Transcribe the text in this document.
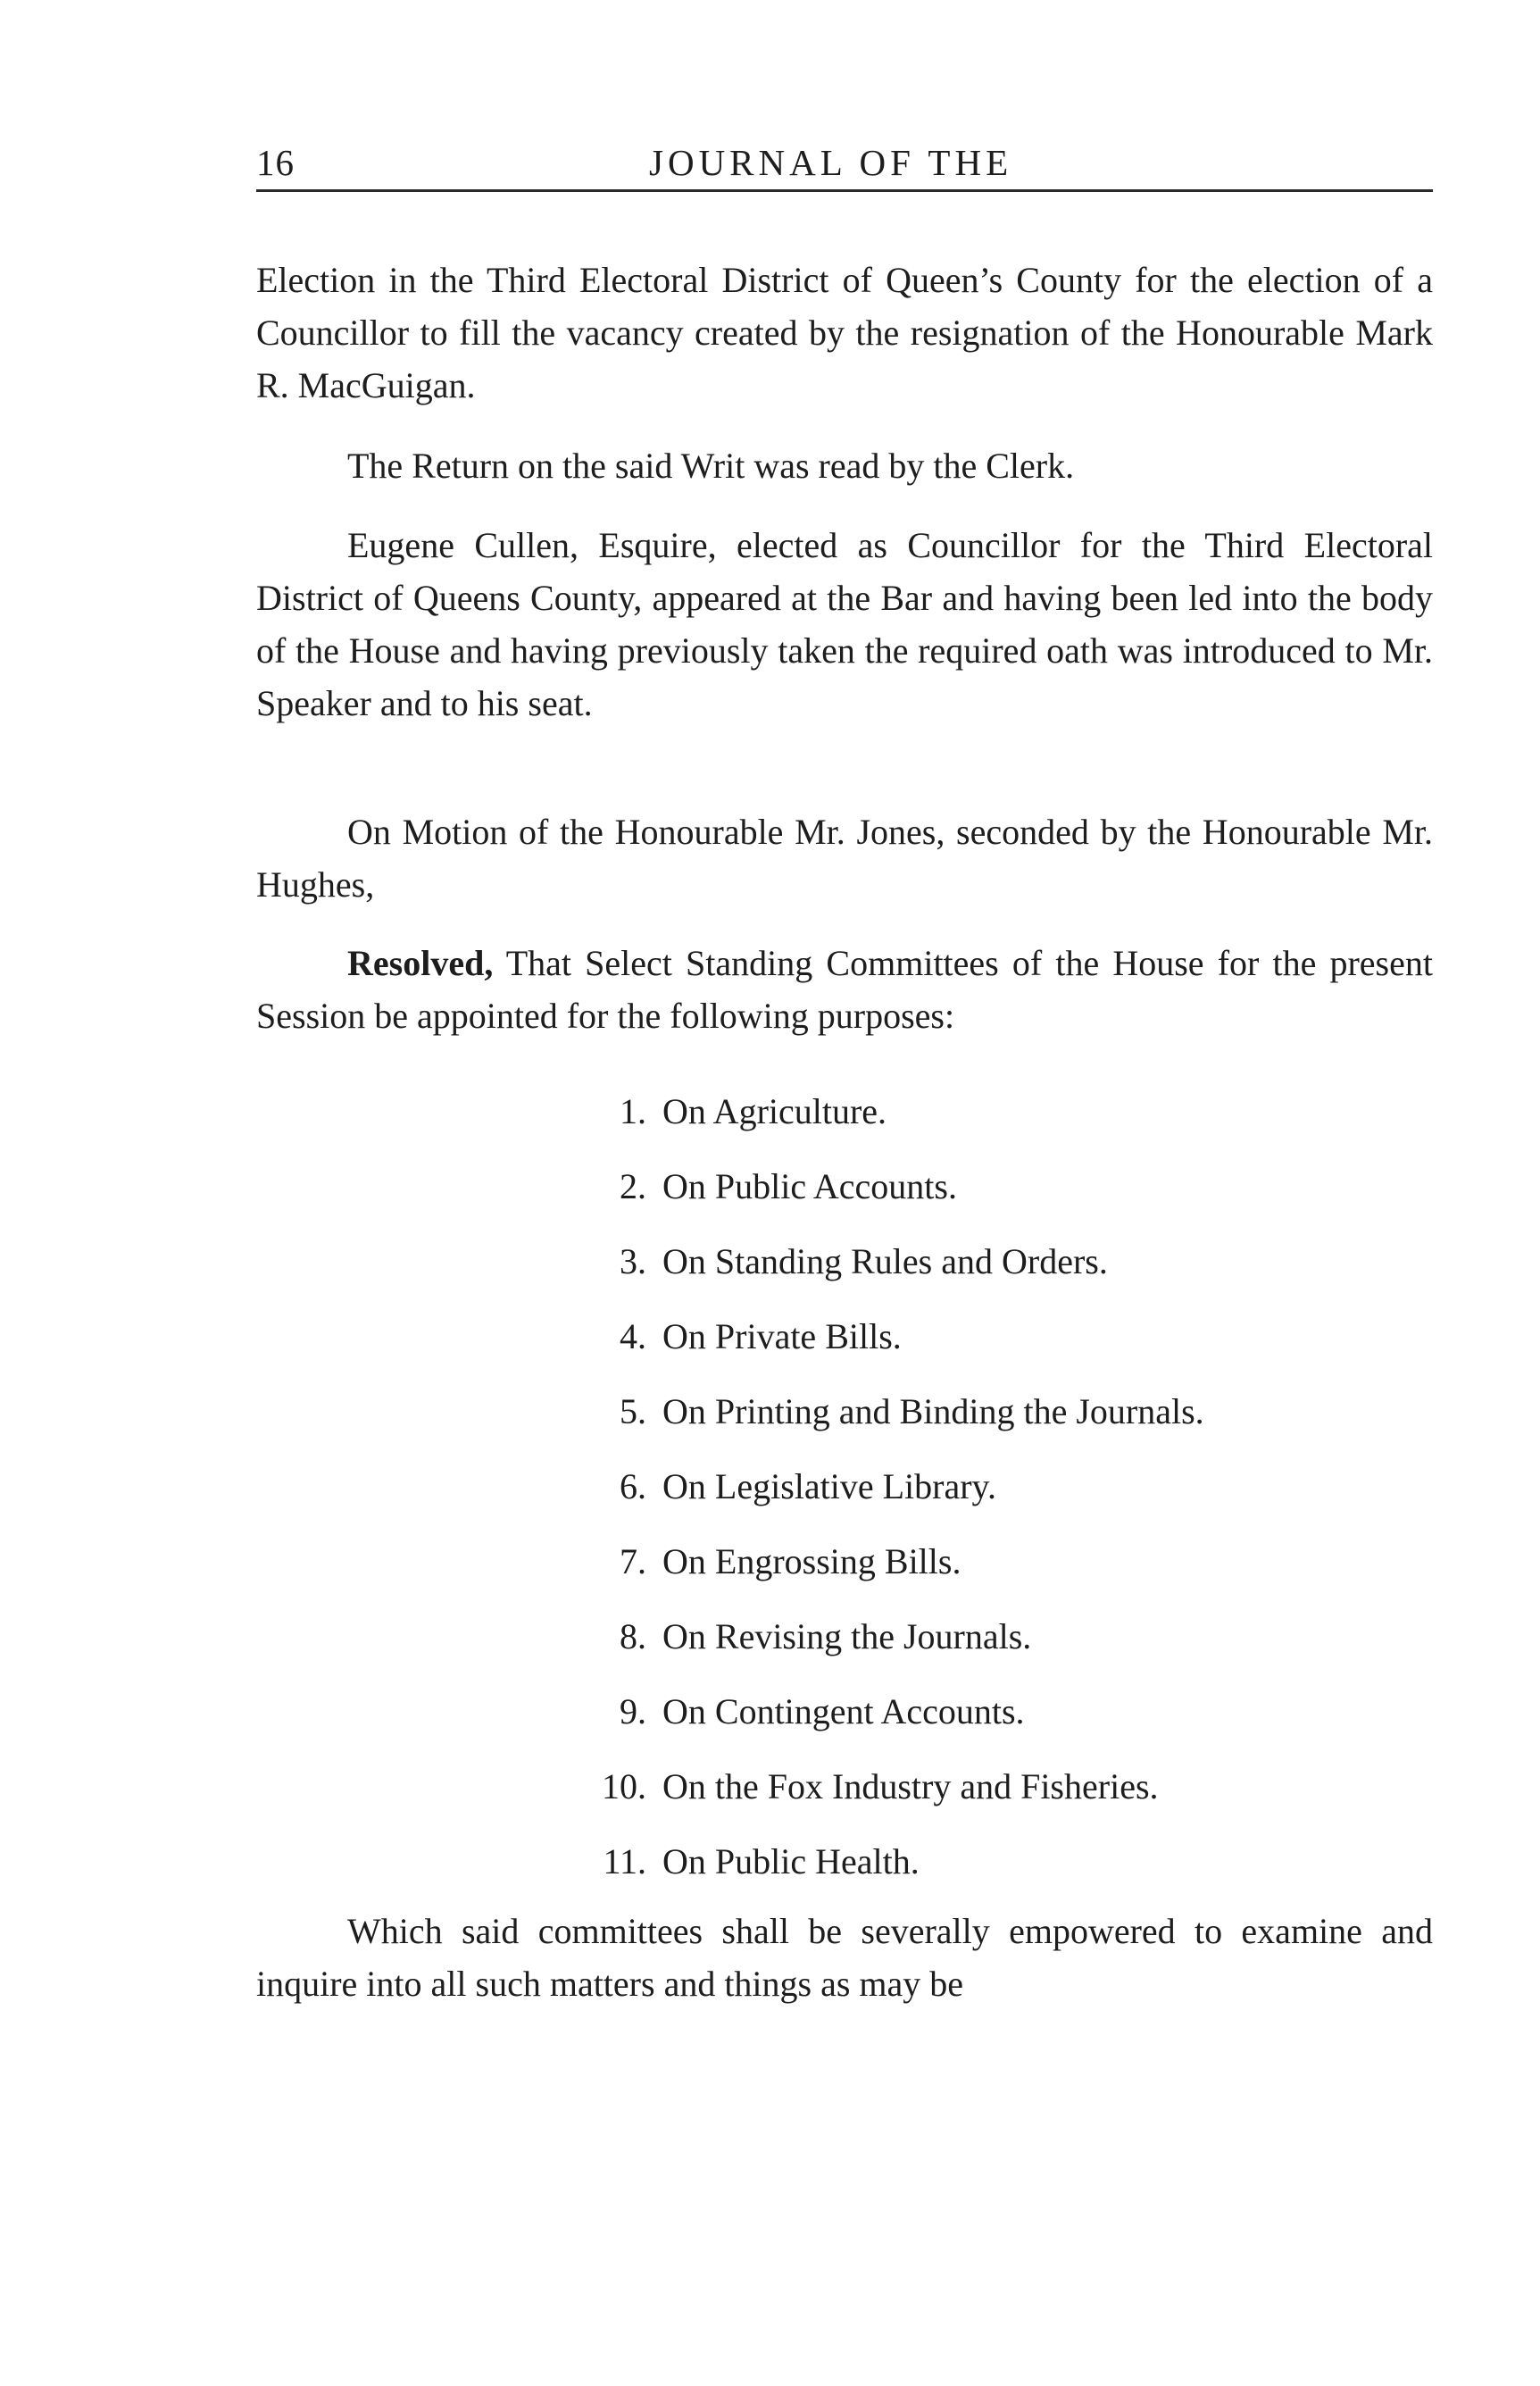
16	JOURNAL OF THE

Election in the Third Electoral District of Queen’s County for the election of a Councillor to fill the vacancy created by the resignation of the Honourable Mark R. MacGuigan.

The Return on the said Writ was read by the Clerk.

Eugene Cullen, Esquire, elected as Councillor for the Third Electoral District of Queens County, appeared at the Bar and having been led into the body of the House and having previously taken the required oath was introduced to Mr. Speaker and to his seat.

On Motion of the Honourable Mr. Jones, seconded by the Honourable Mr. Hughes,

Resolved, That Select Standing Committees of the House for the present Session be appointed for the following purposes:

1. On Agriculture.
2. On Public Accounts.
3. On Standing Rules and Orders.
4. On Private Bills.
5. On Printing and Binding the Journals.
6. On Legislative Library.
7. On Engrossing Bills.
8. On Revising the Journals.
9. On Contingent Accounts.
10. On the Fox Industry and Fisheries.
11. On Public Health.

Which said committees shall be severally empowered to examine and inquire into all such matters and things as may be
